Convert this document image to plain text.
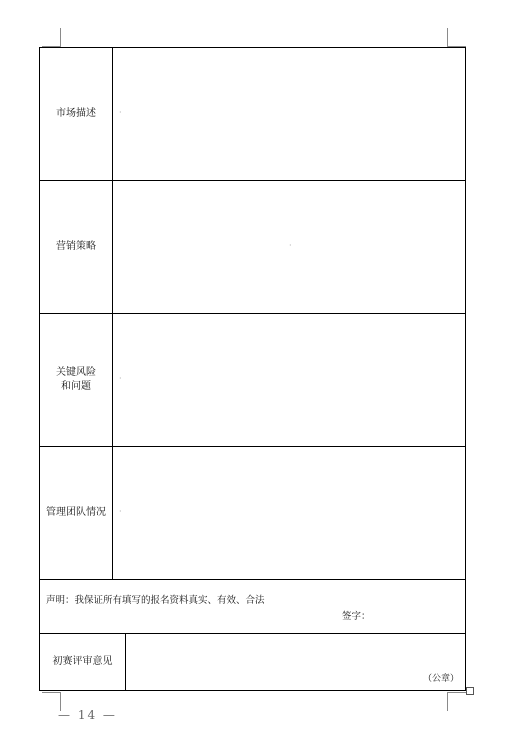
市场描述	·
营销策略	·
关键风险
和问题
·
管理团队情况 ·
声明：我保证所有填写的报名资料真实、有效、合法
签字：
初赛评审意见
（公章）
— 14 —
